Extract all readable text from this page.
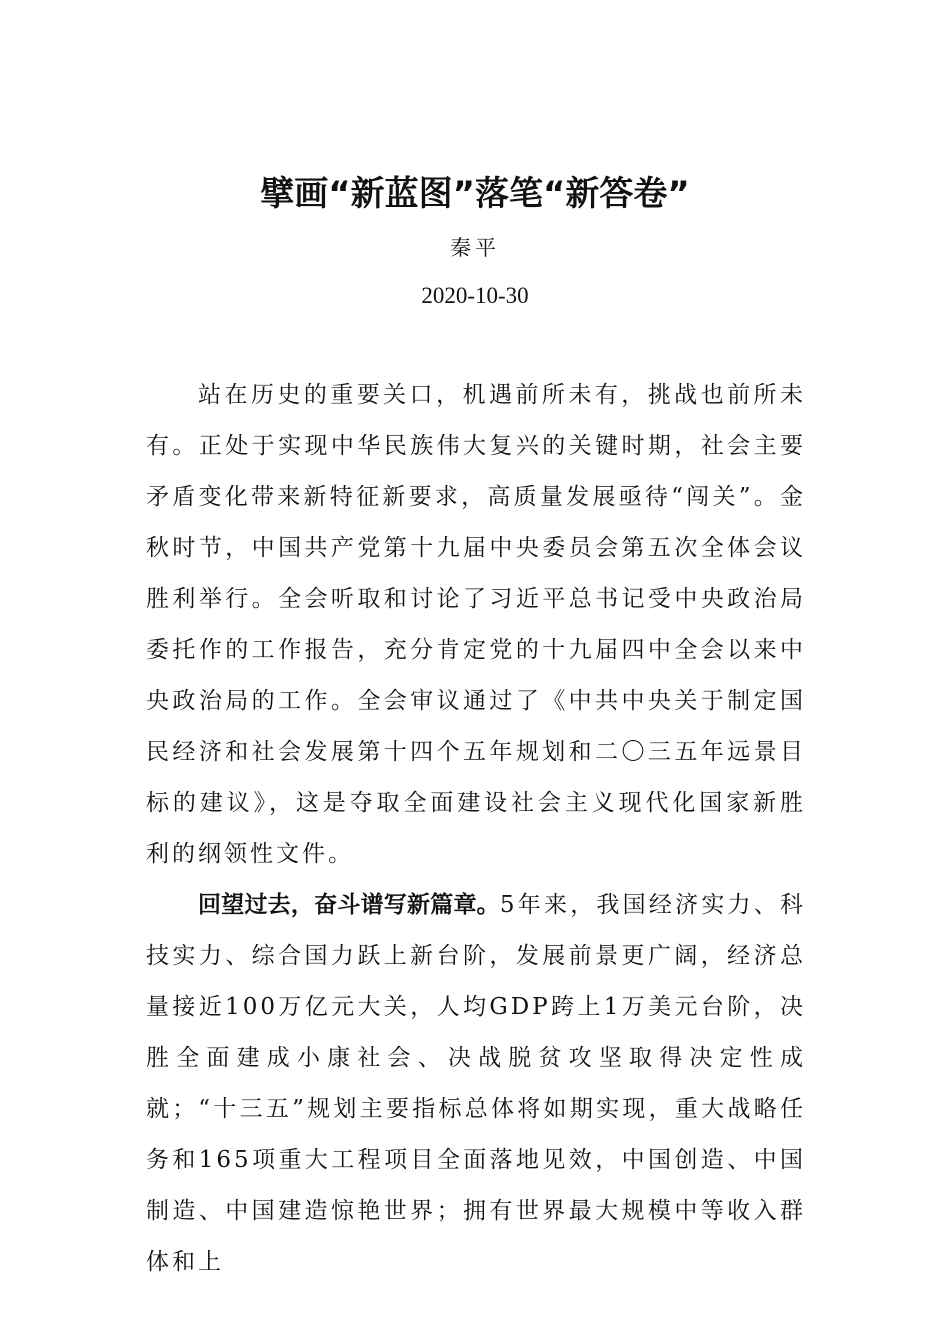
擘画“新蓝图”落笔“新答卷”
秦平
2020-10-30

站在历史的重要关口，机遇前所未有，挑战也前所未有。正处于实现中华民族伟大复兴的关键时期，社会主要矛盾变化带来新特征新要求，高质量发展亟待“闯关”。金秋时节，中国共产党第十九届中央委员会第五次全体会议胜利举行。全会听取和讨论了习近平总书记受中央政治局委托作的工作报告，充分肯定党的十九届四中全会以来中央政治局的工作。全会审议通过了《中共中央关于制定国民经济和社会发展第十四个五年规划和二〇三五年远景目标的建议》，这是夺取全面建设社会主义现代化国家新胜利的纲领性文件。

回望过去，奋斗谱写新篇章。5年来，我国经济实力、科技实力、综合国力跃上新台阶，发展前景更广阔，经济总量接近100万亿元大关，人均GDP跨上1万美元台阶，决胜全面建成小康社会、决战脱贫攻坚取得决定性成就；“十三五”规划主要指标总体将如期实现，重大战略任务和165项重大工程项目全面落地见效，中国创造、中国制造、中国建造惊艳世界；拥有世界最大规模中等收入群体和上
